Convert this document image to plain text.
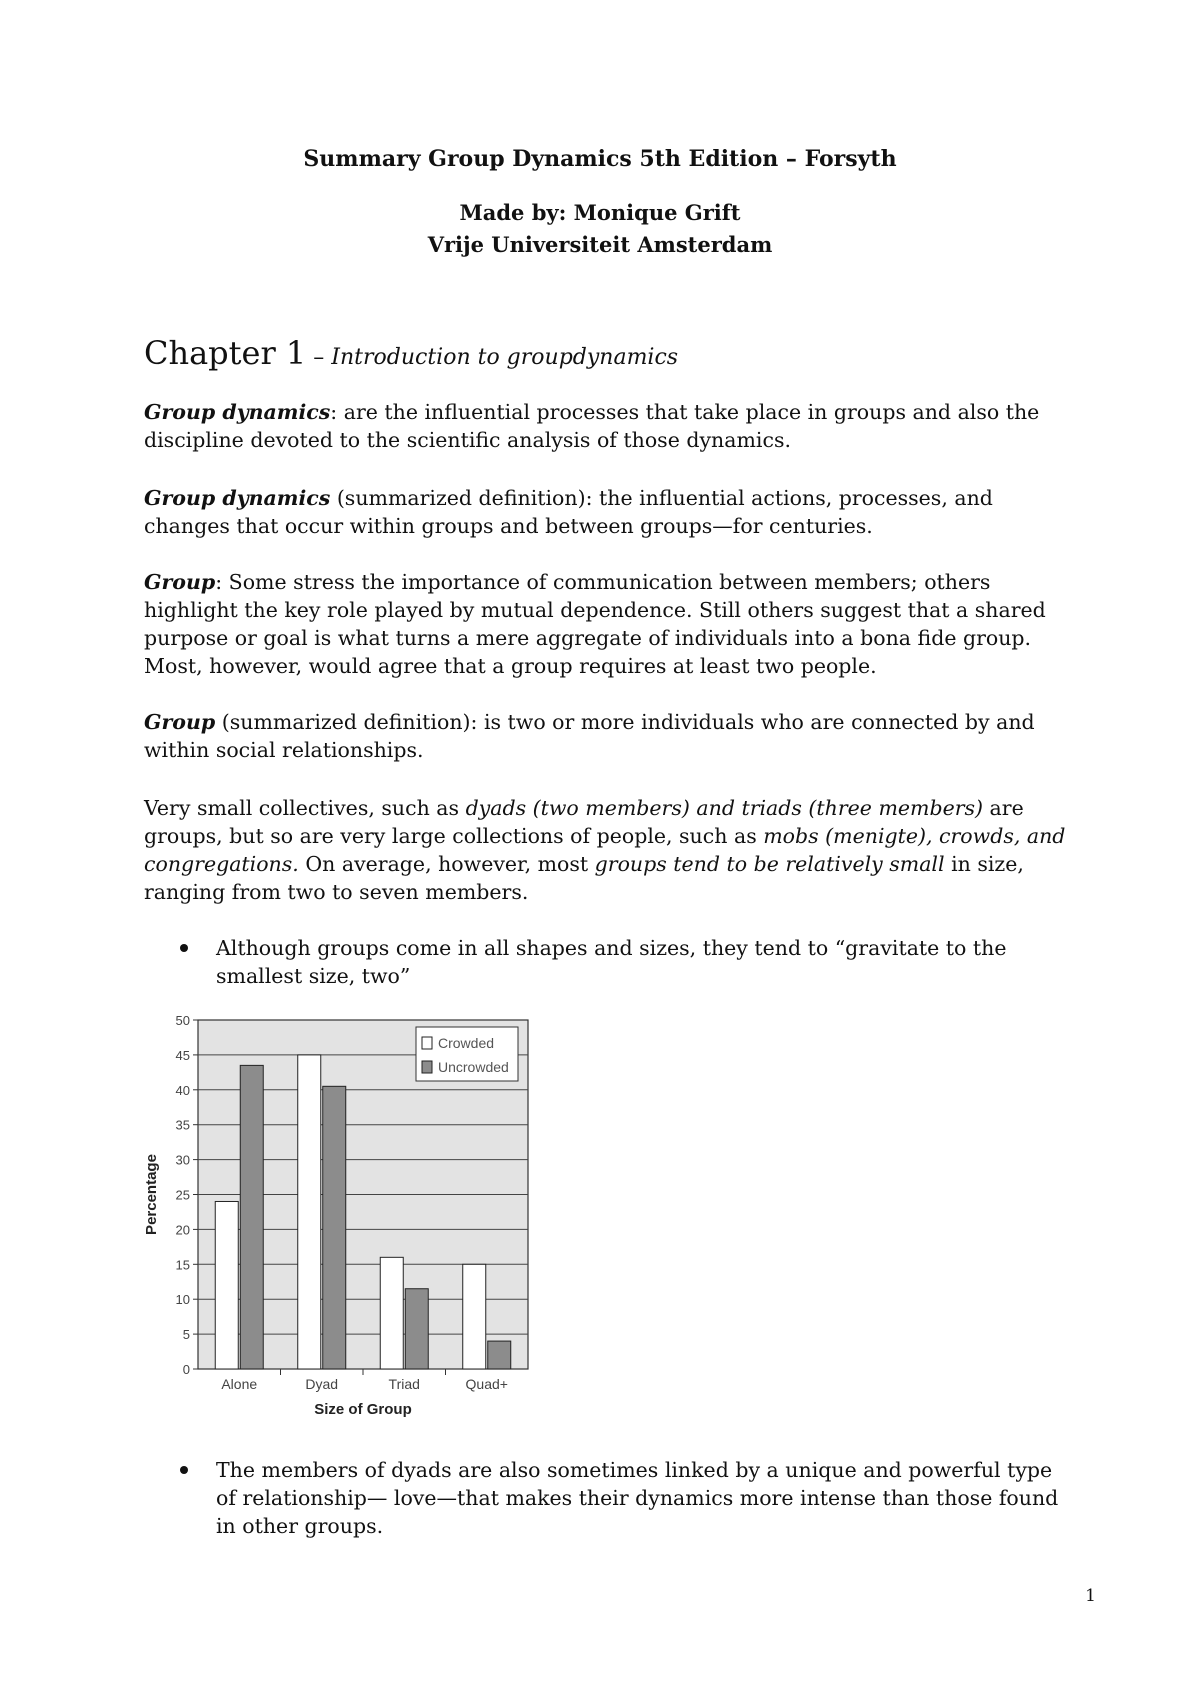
Summary Group Dynamics 5th Edition – Forsyth
Made by: Monique Grift
Vrije Universiteit Amsterdam
Chapter 1 – Introduction to groupdynamics
Group dynamics: are the influential processes that take place in groups and also the discipline devoted to the scientific analysis of those dynamics.
Group dynamics (summarized definition): the influential actions, processes, and changes that occur within groups and between groups—for centuries.
Group: Some stress the importance of communication between members; others highlight the key role played by mutual dependence. Still others suggest that a shared purpose or goal is what turns a mere aggregate of individuals into a bona fide group. Most, however, would agree that a group requires at least two people.
Group (summarized definition): is two or more individuals who are connected by and within social relationships.
Very small collectives, such as dyads (two members) and triads (three members) are groups, but so are very large collections of people, such as mobs (menigte), crowds, and congregations. On average, however, most groups tend to be relatively small in size, ranging from two to seven members.
Although groups come in all shapes and sizes, they tend to “gravitate to the smallest size, two”
0
5
10
15
20
25
30
35
40
45
50
Alone	Dyad	Triad	Quad+
Size of Group
Percentage
Crowded
Uncrowded
The members of dyads are also sometimes linked by a unique and powerful type of relationship— love—that makes their dynamics more intense than those found in other groups.
1
